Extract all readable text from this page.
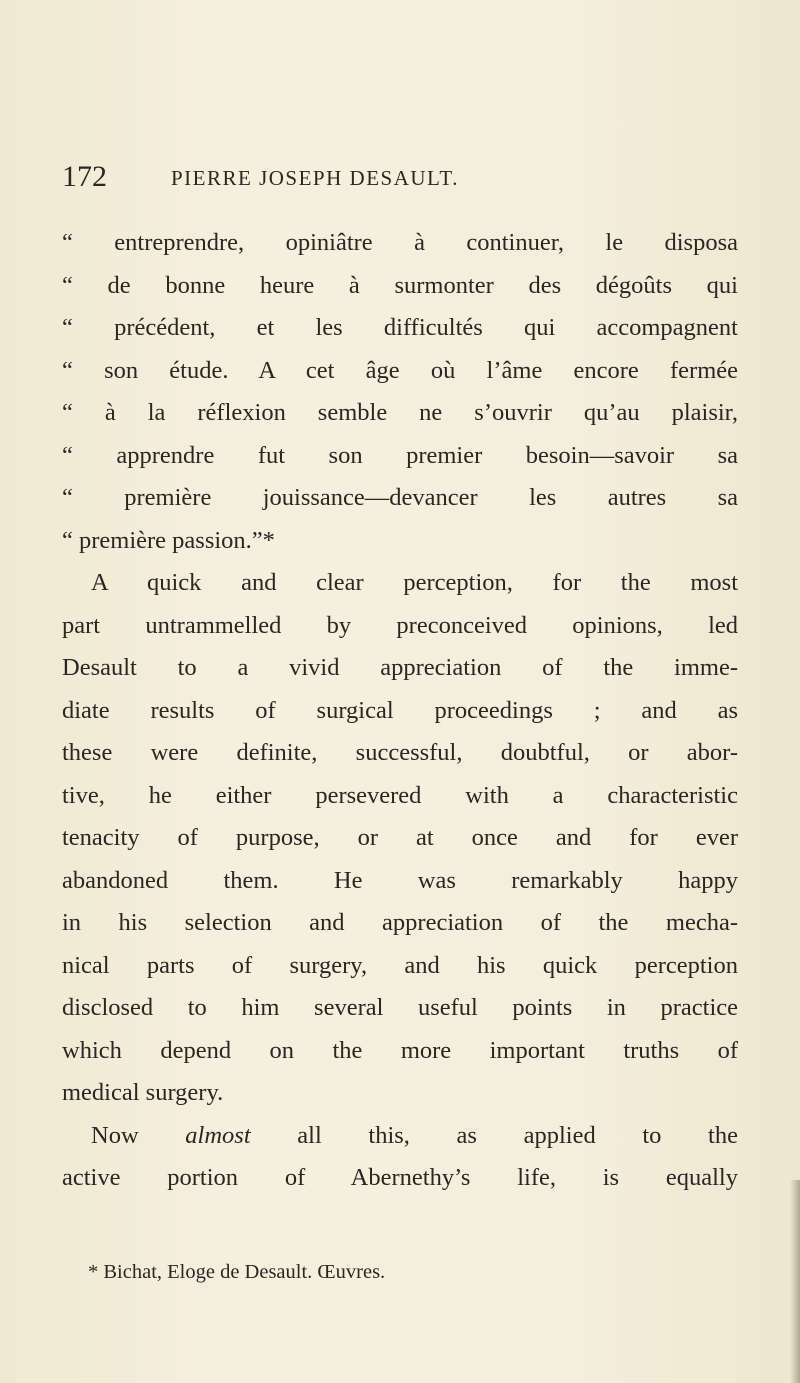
172	PIERRE JOSEPH DESAULT.
“ entreprendre, opiniâtre à continuer, le disposa
“ de bonne heure à surmonter des dégoûts qui
“ précédent, et les difficultés qui accompagnent
“ son étude. A cet âge où l’âme encore fermée
“ à la réflexion semble ne s’ouvrir qu’au plaisir,
“ apprendre fut son premier besoin—savoir sa
“ première jouissance—devancer les autres sa
“ première passion.”*
A quick and clear perception, for the most
part untrammelled by preconceived opinions, led
Desault to a vivid appreciation of the imme-
diate results of surgical proceedings ; and as
these were definite, successful, doubtful, or abor-
tive, he either persevered with a characteristic
tenacity of purpose, or at once and for ever
abandoned them. He was remarkably happy
in his selection and appreciation of the mecha-
nical parts of surgery, and his quick perception
disclosed to him several useful points in practice
which depend on the more important truths of
medical surgery.
Now almost all this, as applied to the
active portion of Abernethy’s life, is equally
* Bichat, Eloge de Desault. Œuvres.
